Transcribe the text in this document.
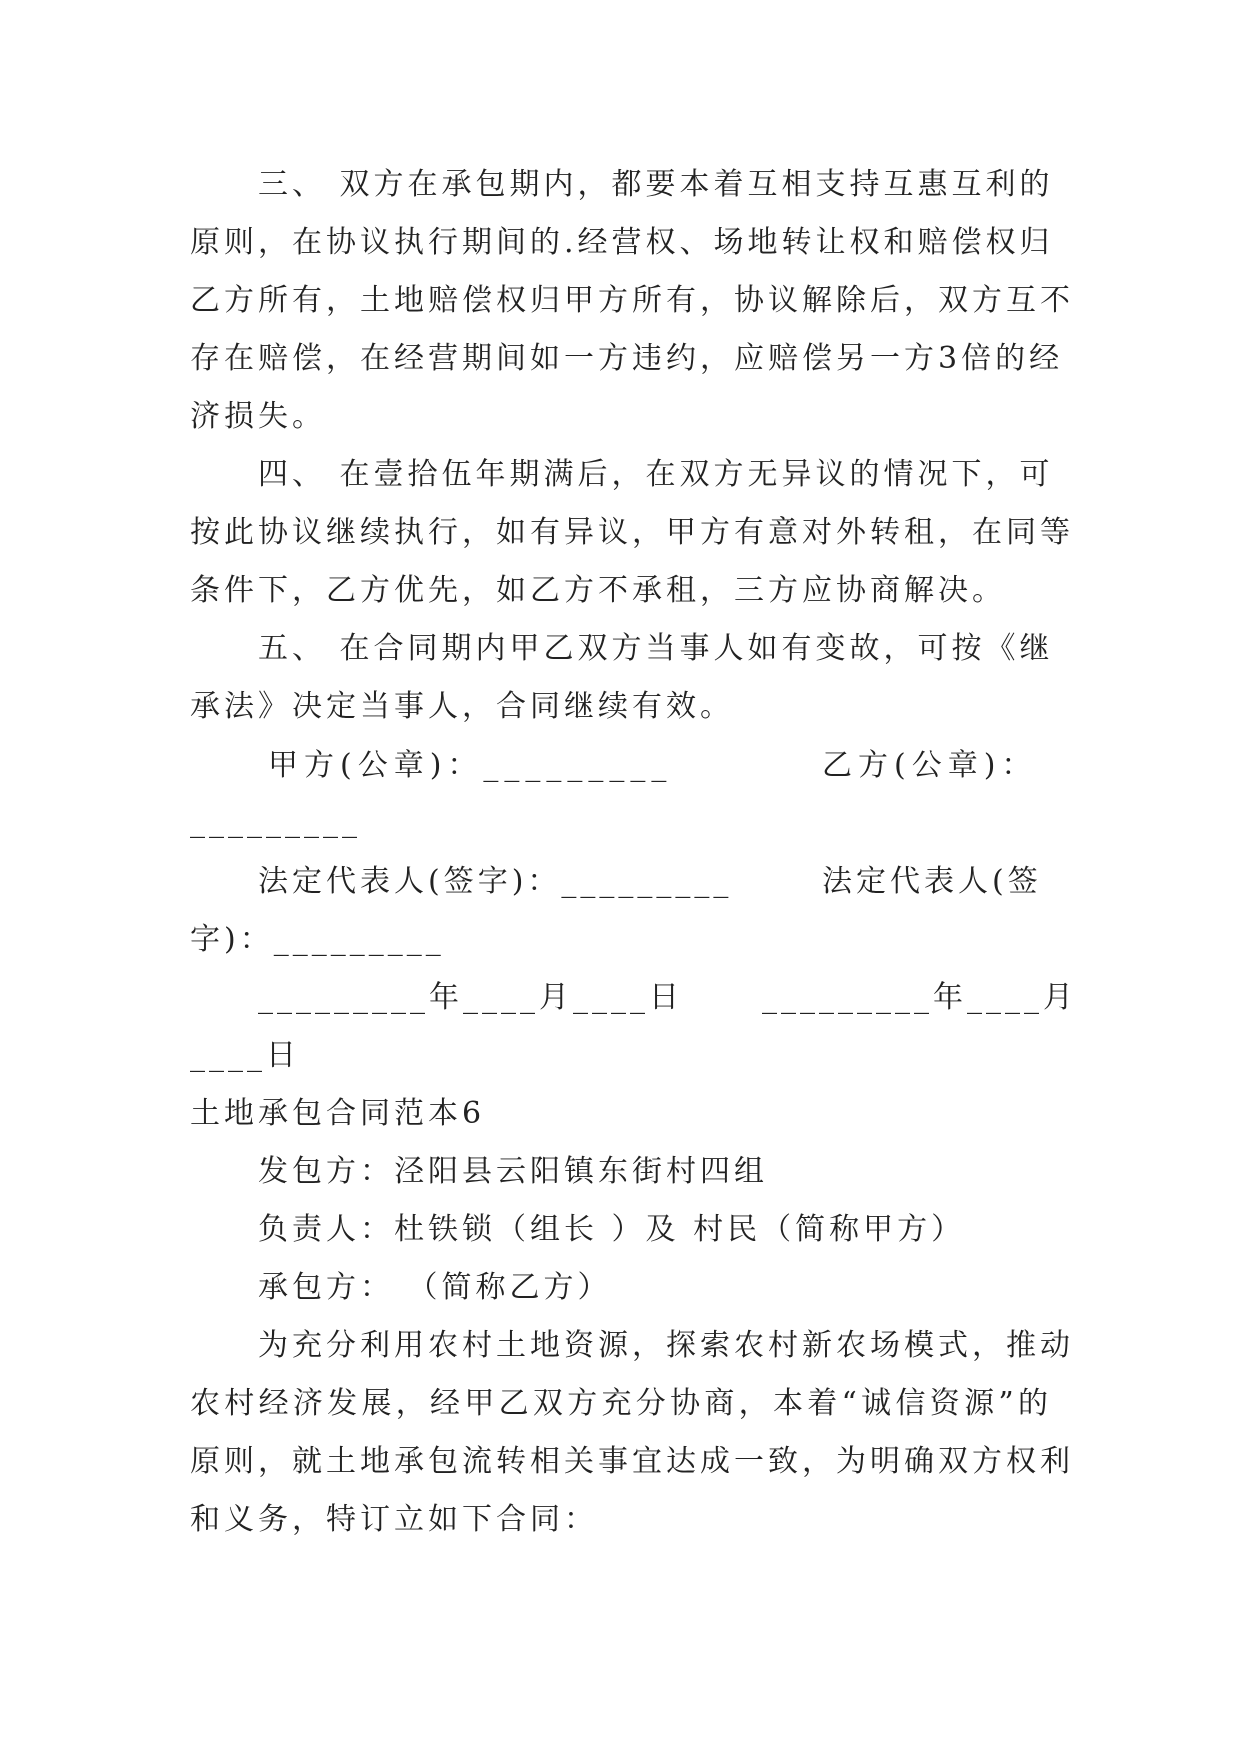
三、 双方在承包期内，都要本着互相支持互惠互利的
原则，在协议执行期间的.经营权、场地转让权和赔偿权归
乙方所有，土地赔偿权归甲方所有，协议解除后，双方互不
存在赔偿，在经营期间如一方违约，应赔偿另一方3倍的经
济损失。
四、 在壹拾伍年期满后，在双方无异议的情况下，可
按此协议继续执行，如有异议，甲方有意对外转租，在同等
条件下，乙方优先，如乙方不承租，三方应协商解决。
五、 在合同期内甲乙双方当事人如有变故，可按《继
承法》决定当事人，合同继续有效。
甲方(公章)：_________	乙方(公章)：
_________
法定代表人(签字)：_________	法定代表人(签
字)：_________
_________年____月____日	_________年____月
____日
土地承包合同范本6
发包方：泾阳县云阳镇东街村四组
负责人：杜铁锁（组长 ）及 村民（简称甲方）
承包方： （简称乙方）
为充分利用农村土地资源，探索农村新农场模式，推动
农村经济发展，经甲乙双方充分协商，本着“诚信资源”的
原则，就土地承包流转相关事宜达成一致，为明确双方权利
和义务，特订立如下合同：
